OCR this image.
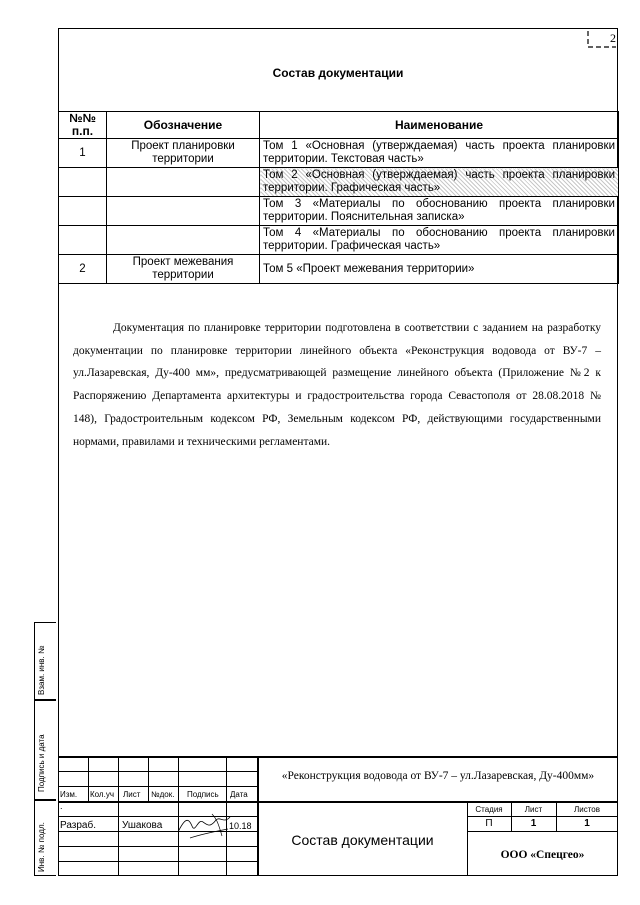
2
Состав документации
№№ п.п.	Обозначение	Наименование
1	Проект планировки территории	Том 1 «Основная (утверждаемая) часть проекта планировки территории. Текстовая часть»
		Том 2 «Основная (утверждаемая) часть проекта планировки территории. Графическая часть»
		Том 3 «Материалы по обоснованию проекта планировки территории. Пояснительная записка»
		Том 4 «Материалы по обоснованию проекта планировки территории. Графическая часть»
2	Проект межевания территории	Том 5 «Проект межевания территории»
Документация по планировке территории подготовлена в соответствии с заданием на разработку документации по планировке территории линейного объекта «Реконструкция водовода от ВУ-7 – ул.Лазаревская, Ду-400 мм», предусматривающей размещение линейного объекта (Приложение №2 к Распоряжению Департамента архитектуры и градостроительства города Севастополя от 28.08.2018 № 148), Градостроительным кодексом РФ, Земельным кодексом РФ, действующими государственными нормами, правилами и техническими регламентами.
Взам. инв. №
Подпись и дата
Инв. № подл.
«Реконструкция водовода от ВУ-7 – ул.Лазаревская, Ду-400мм»
Изм. Кол.уч Лист №док. Подпись Дата
.
Разраб.	Ушакова	10.18
Состав документации
Стадия	Лист	Листов
П	1	1
ООО «Спецгео»
